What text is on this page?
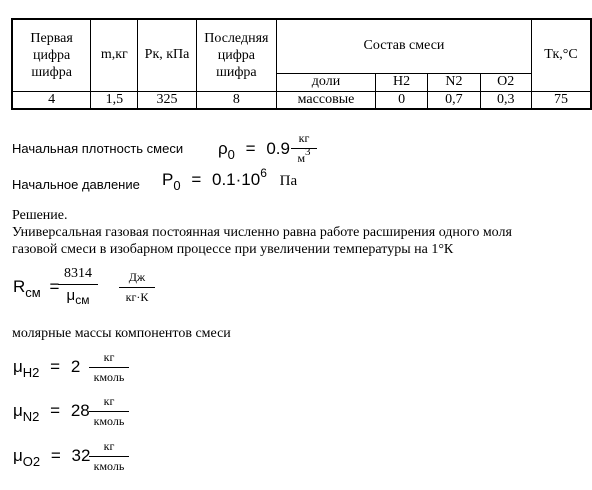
Первая
цифра
шифра	m,кг	Рк, кПа	Последняя
цифра
шифра	Состав смеси				Тк,°С
				доли	H2	N2	O2	
4	1,5	325	8	массовые	0	0,7	0,3	75
Начальная плотность смеси $\rho_0 = 0.9$
кг
м3
Начальное давление $P_0 = 0.1\cdot 10^6$ Па
Решение.
Универсальная газовая постоянная численно равна работе расширения одного моля
газовой смеси в изобарном процессе при увеличении температуры на 1°К
$R_{см}$ =
8314
$\mu_{см}$
Дж
кг·К
молярные массы компонентов смеси
$\mu_{H2} = 2$	кг
кмоль
$\mu_{N2} = 28$	кг
кмоль
$\mu_{O2} = 32$	кг
кмоль
